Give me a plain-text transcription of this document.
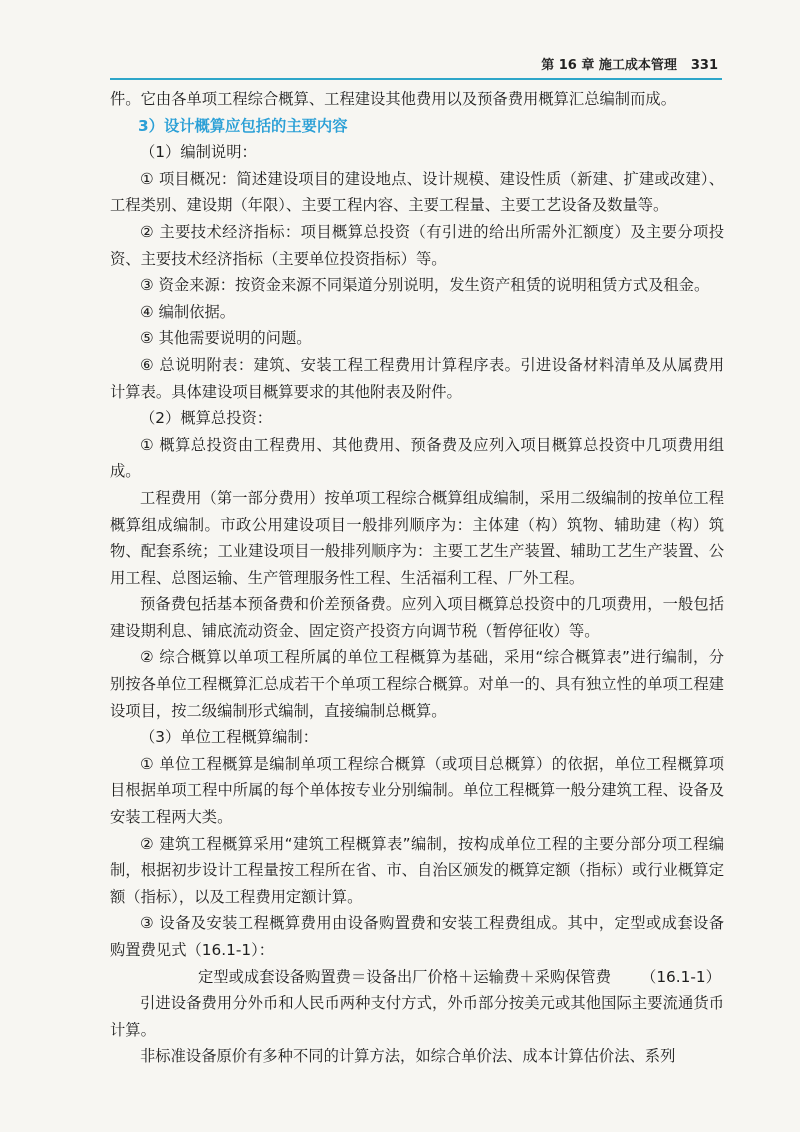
第 16 章 施工成本管理 331

件。它由各单项工程综合概算、工程建设其他费用以及预备费用概算汇总编制而成。

3）设计概算应包括的主要内容

（1）编制说明：

① 项目概况：简述建设项目的建设地点、设计规模、建设性质（新建、扩建或改建）、工程类别、建设期（年限）、主要工程内容、主要工程量、主要工艺设备及数量等。

② 主要技术经济指标：项目概算总投资（有引进的给出所需外汇额度）及主要分项投资、主要技术经济指标（主要单位投资指标）等。

③ 资金来源：按资金来源不同渠道分别说明，发生资产租赁的说明租赁方式及租金。

④ 编制依据。

⑤ 其他需要说明的问题。

⑥ 总说明附表：建筑、安装工程工程费用计算程序表。引进设备材料清单及从属费用计算表。具体建设项目概算要求的其他附表及附件。

（2）概算总投资：

① 概算总投资由工程费用、其他费用、预备费及应列入项目概算总投资中几项费用组成。

工程费用（第一部分费用）按单项工程综合概算组成编制，采用二级编制的按单位工程概算组成编制。市政公用建设项目一般排列顺序为：主体建（构）筑物、辅助建（构）筑物、配套系统；工业建设项目一般排列顺序为：主要工艺生产装置、辅助工艺生产装置、公用工程、总图运输、生产管理服务性工程、生活福利工程、厂外工程。

预备费包括基本预备费和价差预备费。应列入项目概算总投资中的几项费用，一般包括建设期利息、铺底流动资金、固定资产投资方向调节税（暂停征收）等。

② 综合概算以单项工程所属的单位工程概算为基础，采用“综合概算表”进行编制，分别按各单位工程概算汇总成若干个单项工程综合概算。对单一的、具有独立性的单项工程建设项目，按二级编制形式编制，直接编制总概算。

（3）单位工程概算编制：

① 单位工程概算是编制单项工程综合概算（或项目总概算）的依据，单位工程概算项目根据单项工程中所属的每个单体按专业分别编制。单位工程概算一般分建筑工程、设备及安装工程两大类。

② 建筑工程概算采用“建筑工程概算表”编制，按构成单位工程的主要分部分项工程编制，根据初步设计工程量按工程所在省、市、自治区颁发的概算定额（指标）或行业概算定额（指标），以及工程费用定额计算。

③ 设备及安装工程概算费用由设备购置费和安装工程费组成。其中，定型或成套设备购置费见式（16.1-1）：

定型或成套设备购置费＝设备出厂价格＋运输费＋采购保管费 （16.1-1）

引进设备费用分外币和人民币两种支付方式，外币部分按美元或其他国际主要流通货币计算。

非标准设备原价有多种不同的计算方法，如综合单价法、成本计算估价法、系列
